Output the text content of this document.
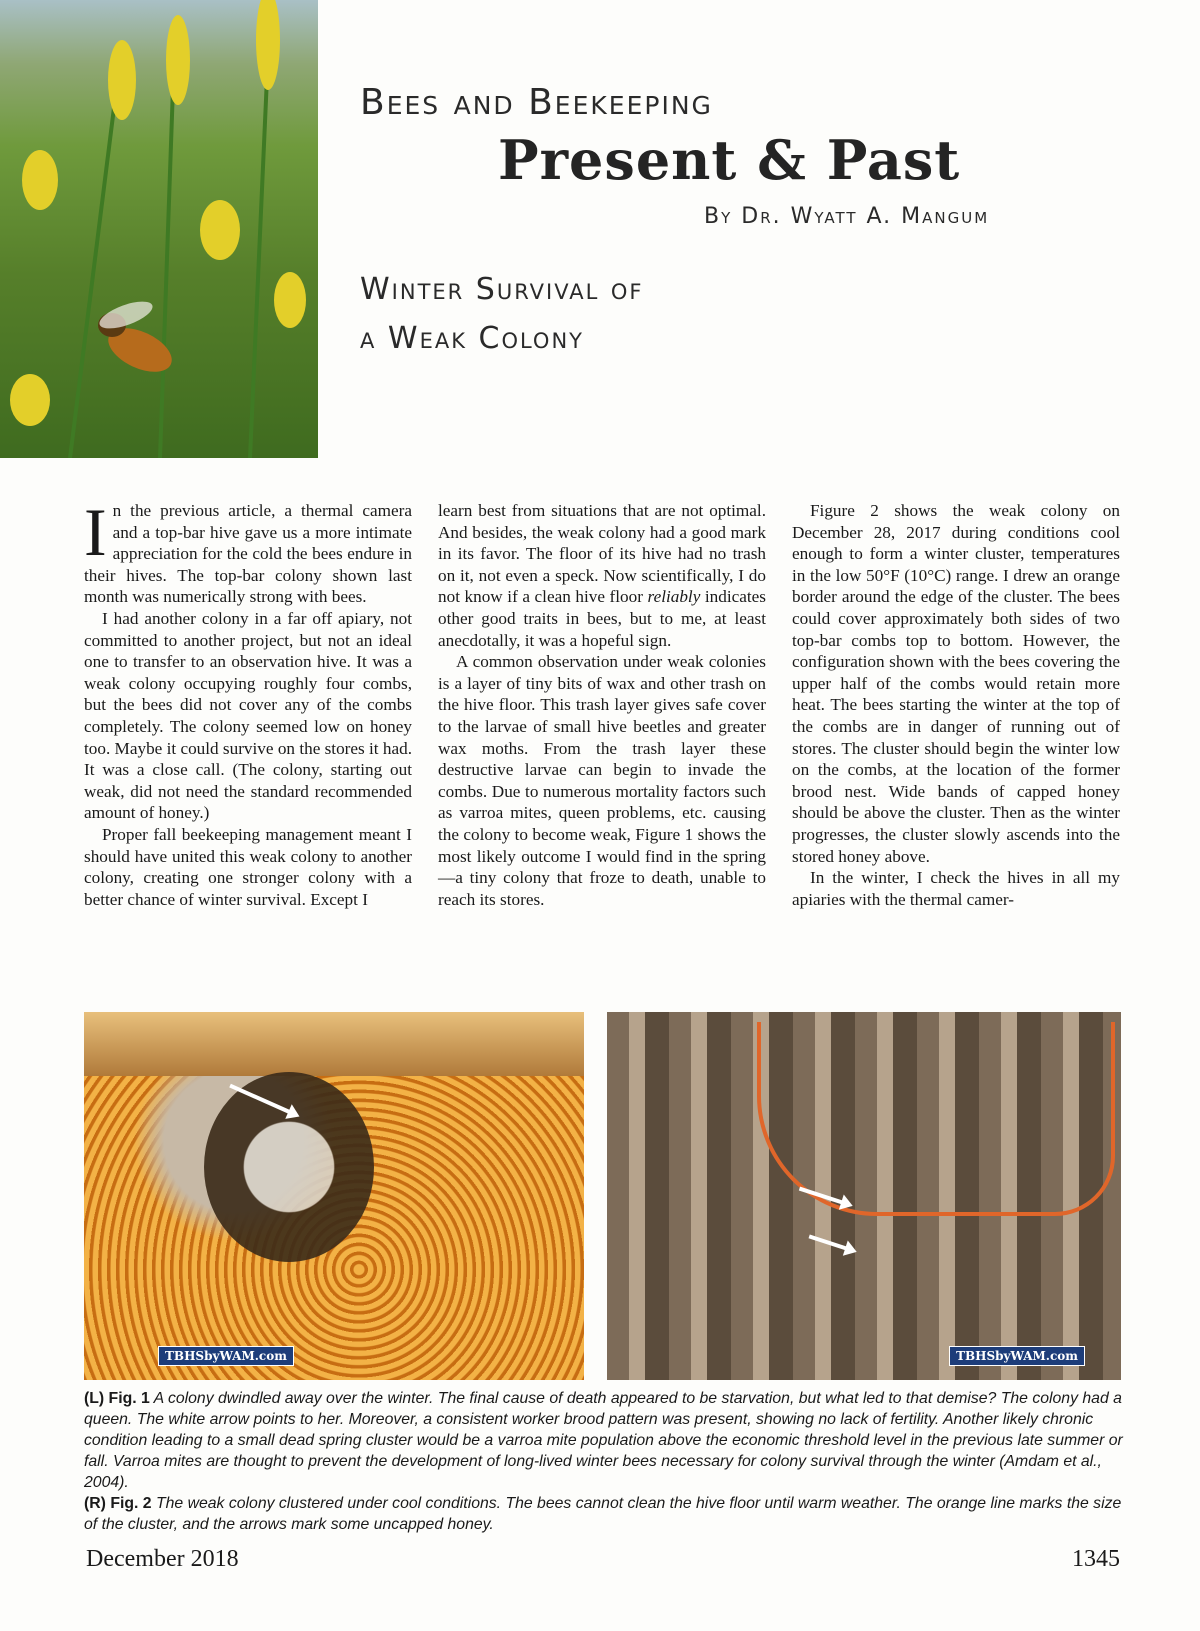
Bees and Beekeeping
Present & Past
By Dr. Wyatt A. Mangum
Winter Survival of
a Weak Colony

In the previous article, a thermal camera and a top-bar hive gave us a more intimate appreciation for the cold the bees endure in their hives. The top-bar colony shown last month was numerically strong with bees.

I had another colony in a far off apiary, not committed to another project, but not an ideal one to transfer to an observation hive. It was a weak colony occupying roughly four combs, but the bees did not cover any of the combs completely. The colony seemed low on honey too. Maybe it could survive on the stores it had. It was a close call. (The colony, starting out weak, did not need the standard recommended amount of honey.)

Proper fall beekeeping management meant I should have united this weak colony to another colony, creating one stronger colony with a better chance of winter survival. Except I

learn best from situations that are not optimal. And besides, the weak colony had a good mark in its favor. The floor of its hive had no trash on it, not even a speck. Now scientifically, I do not know if a clean hive floor reliably indicates other good traits in bees, but to me, at least anecdotally, it was a hopeful sign.

A common observation under weak colonies is a layer of tiny bits of wax and other trash on the hive floor. This trash layer gives safe cover to the larvae of small hive beetles and greater wax moths. From the trash layer these destructive larvae can begin to invade the combs. Due to numerous mortality factors such as varroa mites, queen problems, etc. causing the colony to become weak, Figure 1 shows the most likely outcome I would find in the spring—a tiny colony that froze to death, unable to reach its stores.

Figure 2 shows the weak colony on December 28, 2017 during conditions cool enough to form a winter cluster, temperatures in the low 50°F (10°C) range. I drew an orange border around the edge of the cluster. The bees could cover approximately both sides of two top-bar combs top to bottom. However, the configuration shown with the bees covering the upper half of the combs would retain more heat. The bees starting the winter at the top of the combs are in danger of running out of stores. The cluster should begin the winter low on the combs, at the location of the former brood nest. Wide bands of capped honey should be above the cluster. Then as the winter progresses, the cluster slowly ascends into the stored honey above.

In the winter, I check the hives in all my apiaries with the thermal camer-

TBHSbyWAM.com	TBHSbyWAM.com

(L) Fig. 1 A colony dwindled away over the winter. The final cause of death appeared to be starvation, but what led to that demise? The colony had a queen. The white arrow points to her. Moreover, a consistent worker brood pattern was present, showing no lack of fertility. Another likely chronic condition leading to a small dead spring cluster would be a varroa mite population above the economic threshold level in the previous late summer or fall. Varroa mites are thought to prevent the development of long-lived winter bees necessary for colony survival through the winter (Amdam et al., 2004).

(R) Fig. 2 The weak colony clustered under cool conditions. The bees cannot clean the hive floor until warm weather. The orange line marks the size of the cluster, and the arrows mark some uncapped honey.

December 2018	1345
